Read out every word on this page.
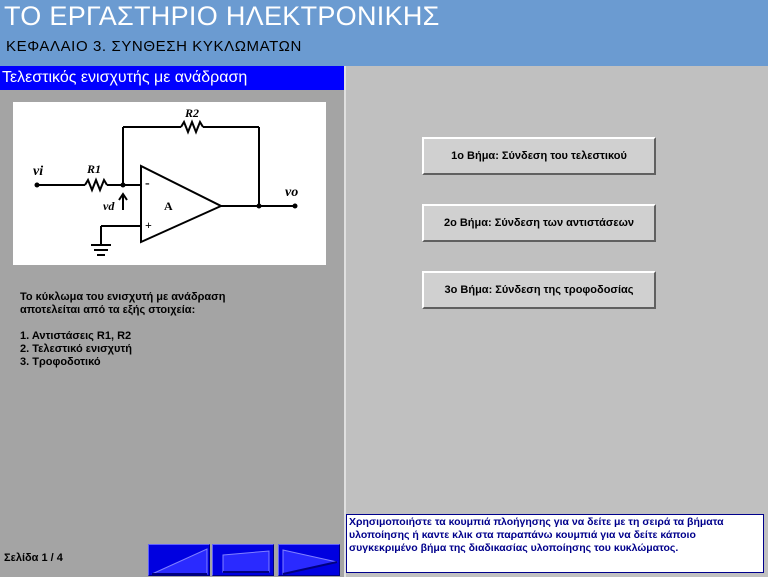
ΤΟ ΕΡΓΑΣΤΗΡΙΟ ΗΛΕΚΤΡΟΝΙΚΗΣ
ΚΕΦΑΛΑΙΟ 3. ΣΥΝΘΕΣΗ ΚΥΚΛΩΜΑΤΩΝ
Τελεστικός ενισχυτής με ανάδραση
R2
R1
vi
vo
vd	A
-
+
Το κύκλωμα του ενισχυτή με ανάδραση
αποτελείται από τα εξής στοιχεία:
1. Αντιστάσεις R1, R2
2. Τελεστικό ενισχυτή
3. Τροφοδοτικό
Σελίδα 1 / 4
1ο Βήμα: Σύνδεση του τελεστικού
2ο Βήμα: Σύνδεση των αντιστάσεων
3ο Βήμα: Σύνδεση της τροφοδοσίας
Χρησιμοποιήστε τα κουμπιά πλοήγησης για να δείτε με τη σειρά τα βήματα υλοποίησης ή καντε κλικ στα παραπάνω κουμπιά για να δείτε κάποιο συγκεκριμένο βήμα της διαδικασίας υλοποίησης του κυκλώματος.
